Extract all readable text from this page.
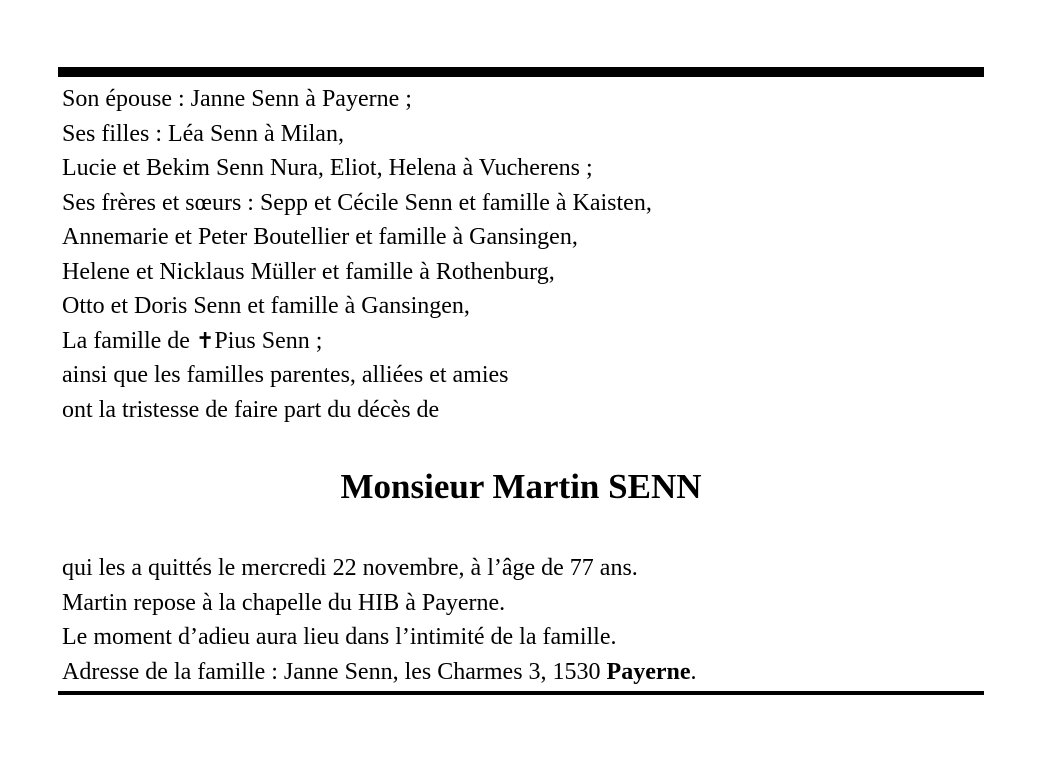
Son épouse : Janne Senn à Payerne ;
Ses filles : Léa Senn à Milan,
Lucie et Bekim Senn Nura, Eliot, Helena à Vucherens ;
Ses frères et sœurs : Sepp et Cécile Senn et famille à Kaisten,
Annemarie et Peter Boutellier et famille à Gansingen,
Helene et Nicklaus Müller et famille à Rothenburg,
Otto et Doris Senn et famille à Gansingen,
La famille de ✝Pius Senn ;
ainsi que les familles parentes, alliées et amies
ont la tristesse de faire part du décès de
Monsieur Martin SENN
qui les a quittés le mercredi 22 novembre, à l’âge de 77 ans.
Martin repose à la chapelle du HIB à Payerne.
Le moment d’adieu aura lieu dans l’intimité de la famille.
Adresse de la famille : Janne Senn, les Charmes 3, 1530 Payerne.
